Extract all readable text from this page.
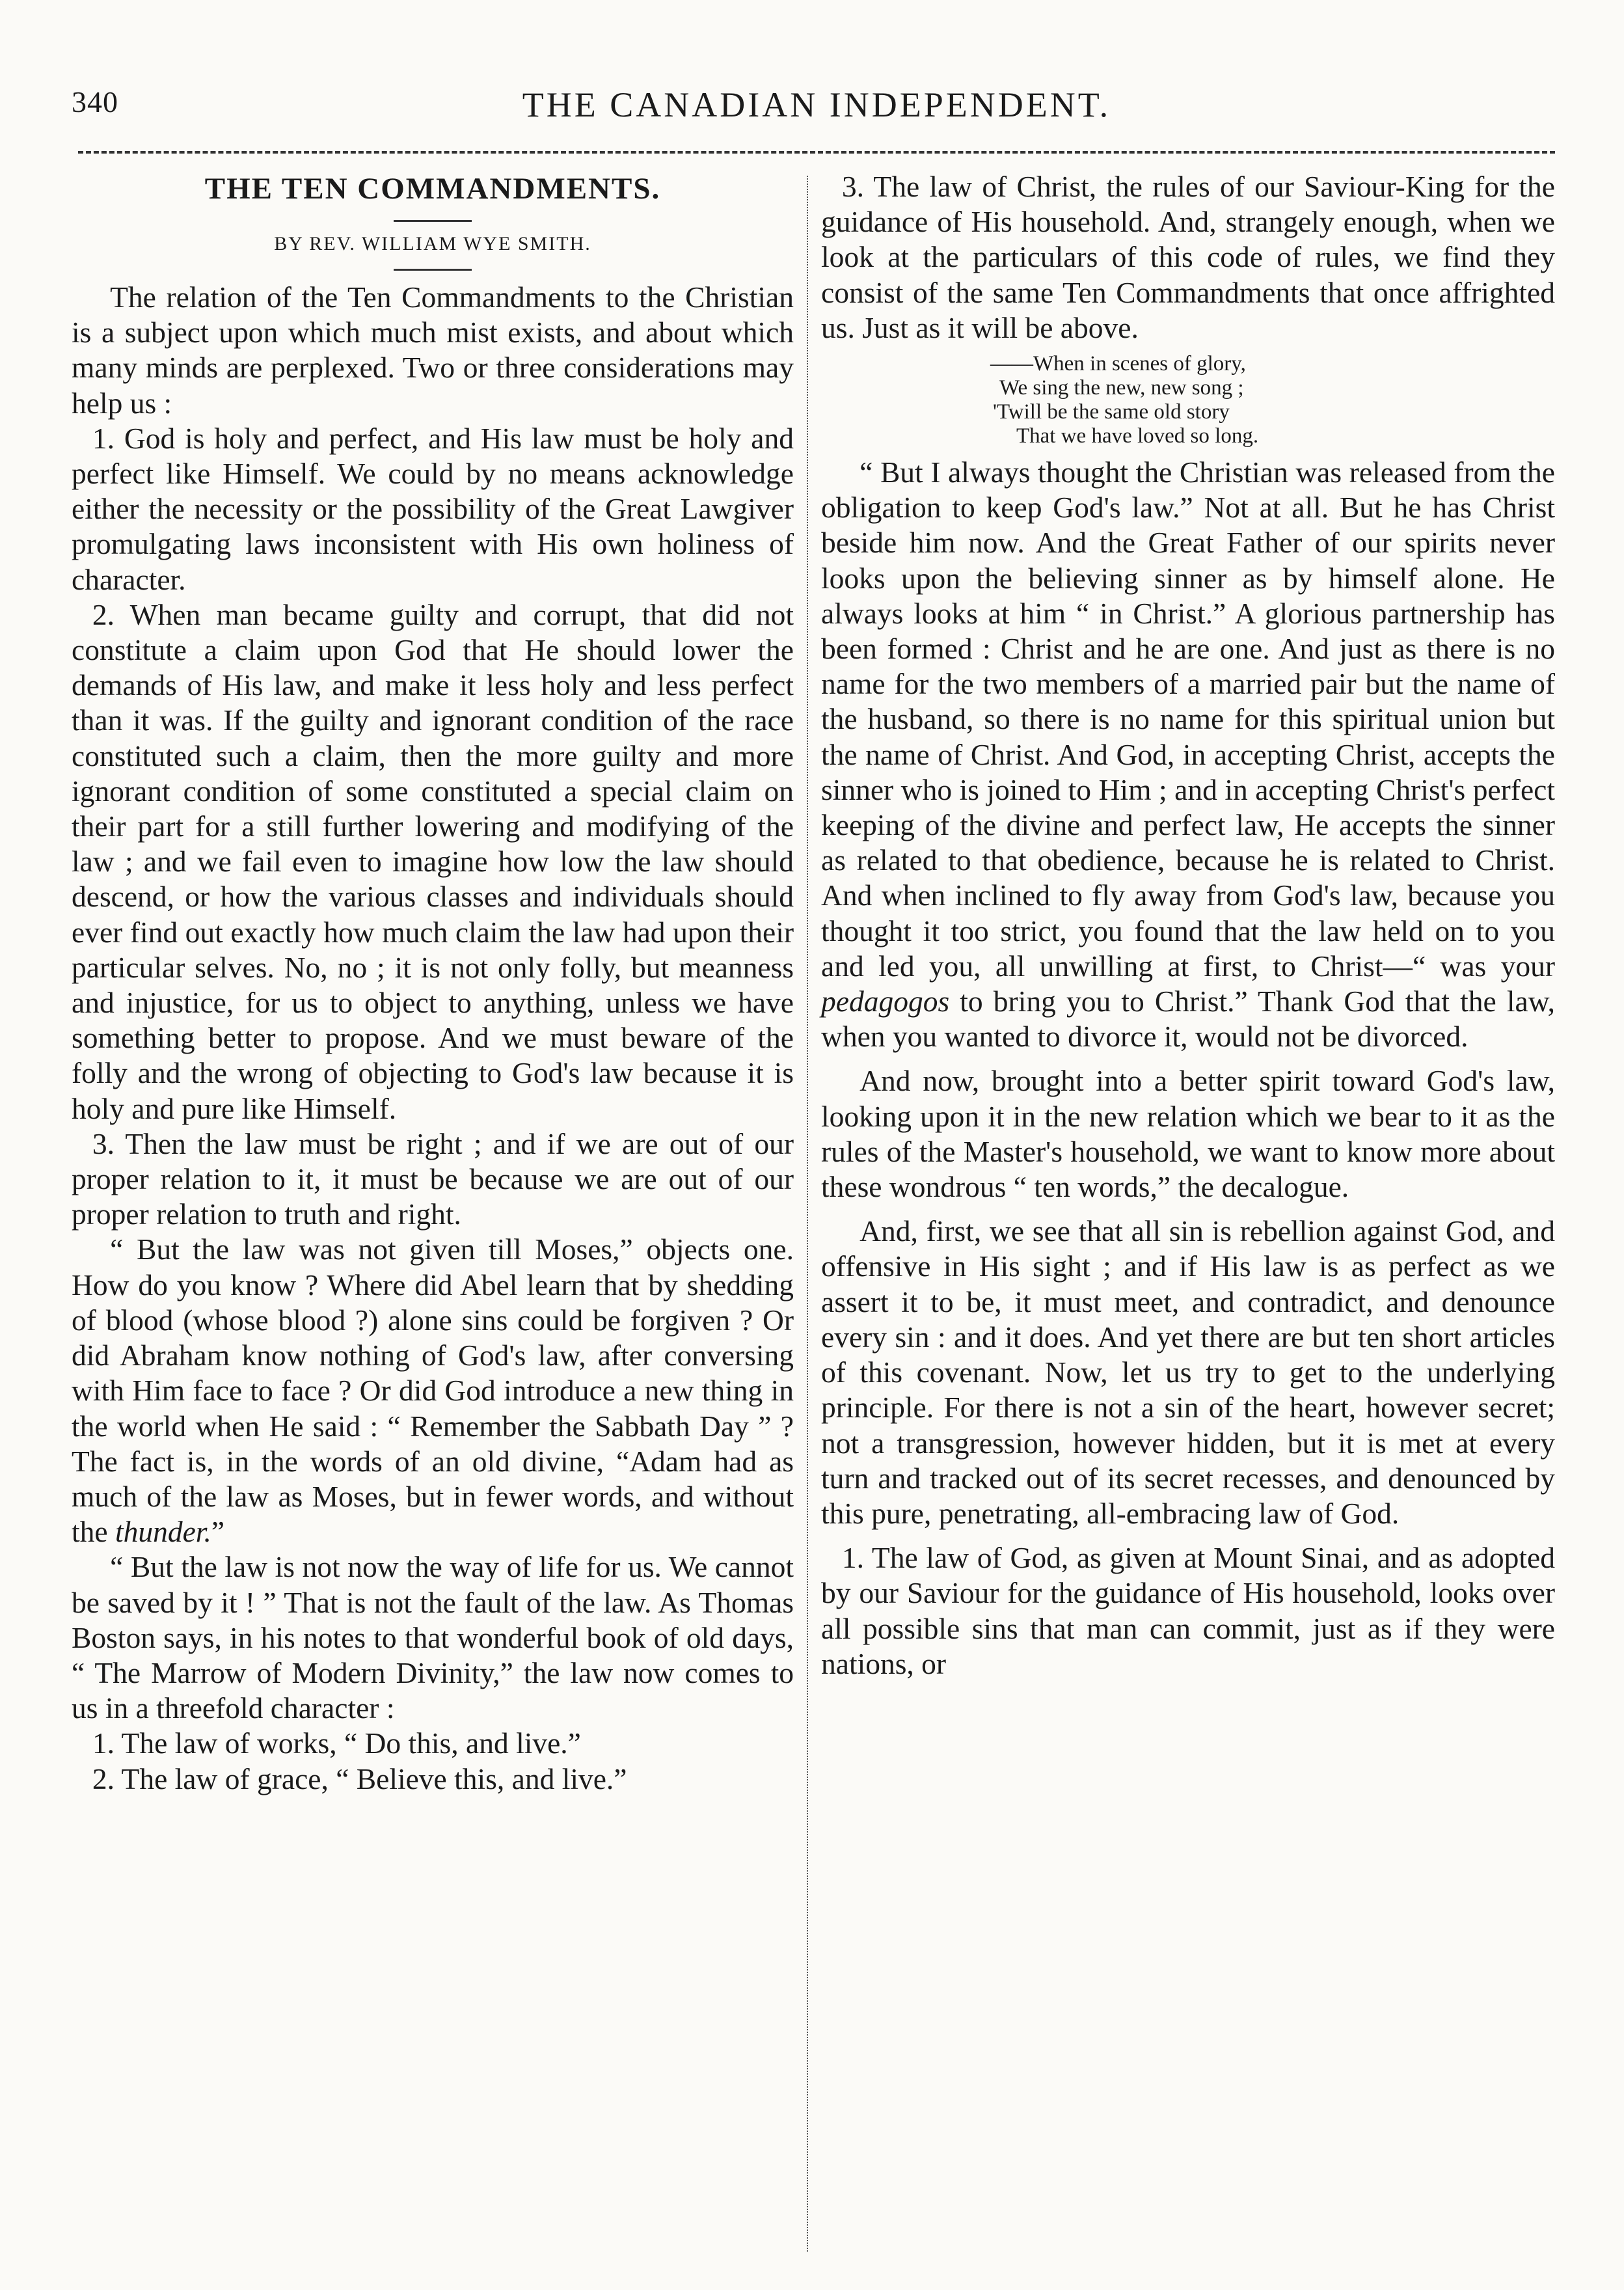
340	THE CANADIAN INDEPENDENT.
THE TEN COMMANDMENTS.
BY REV. WILLIAM WYE SMITH.

The relation of the Ten Commandments to the Christian is a subject upon which much mist exists, and about which many minds are perplexed. Two or three considerations may help us :

1. God is holy and perfect, and His law must be holy and perfect like Himself. We could by no means acknowledge either the necessity or the possibility of the Great Lawgiver promulgating laws inconsistent with His own holiness of character.

2. When man became guilty and corrupt, that did not constitute a claim upon God that He should lower the demands of His law, and make it less holy and less perfect than it was. If the guilty and ignorant condition of the race constituted such a claim, then the more guilty and more ignorant condition of some constituted a special claim on their part for a still further lowering and modifying of the law ; and we fail even to imagine how low the law should descend, or how the various classes and individuals should ever find out exactly how much claim the law had upon their particular selves. No, no ; it is not only folly, but meanness and injustice, for us to object to anything, unless we have something better to propose. And we must beware of the folly and the wrong of objecting to God's law because it is holy and pure like Himself.

3. Then the law must be right ; and if we are out of our proper relation to it, it must be because we are out of our proper relation to truth and right.

“ But the law was not given till Moses,” objects one. How do you know ? Where did Abel learn that by shedding of blood (whose blood ?) alone sins could be forgiven ? Or did Abraham know nothing of God's law, after conversing with Him face to face ? Or did God introduce a new thing in the world when He said : “ Remember the Sabbath Day ” ? The fact is, in the words of an old divine, “Adam had as much of the law as Moses, but in fewer words, and without the thunder.”

“ But the law is not now the way of life for us. We cannot be saved by it ! ” That is not the fault of the law. As Thomas Boston says, in his notes to that wonderful book of old days, “ The Marrow of Modern Divinity,” the law now comes to us in a threefold character :

1. The law of works, “ Do this, and live.”

2. The law of grace, “ Believe this, and live.”

3. The law of Christ, the rules of our Saviour-King for the guidance of His household. And, strangely enough, when we look at the particulars of this code of rules, we find they consist of the same Ten Commandments that once affrighted us. Just as it will be above.

——When in scenes of glory,
We sing the new, new song ;
'Twill be the same old story
That we have loved so long.

“ But I always thought the Christian was released from the obligation to keep God's law.” Not at all. But he has Christ beside him now. And the Great Father of our spirits never looks upon the believing sinner as by himself alone. He always looks at him “ in Christ.” A glorious partnership has been formed : Christ and he are one. And just as there is no name for the two members of a married pair but the name of the husband, so there is no name for this spiritual union but the name of Christ. And God, in accepting Christ, accepts the sinner who is joined to Him ; and in accepting Christ's perfect keeping of the divine and perfect law, He accepts the sinner as related to that obedience, because he is related to Christ. And when inclined to fly away from God's law, because you thought it too strict, you found that the law held on to you and led you, all unwilling at first, to Christ—“ was your pedagogos to bring you to Christ.” Thank God that the law, when you wanted to divorce it, would not be divorced.

And now, brought into a better spirit toward God's law, looking upon it in the new relation which we bear to it as the rules of the Master's household, we want to know more about these wondrous “ ten words,” the decalogue.

And, first, we see that all sin is rebellion against God, and offensive in His sight ; and if His law is as perfect as we assert it to be, it must meet, and contradict, and denounce every sin : and it does. And yet there are but ten short articles of this covenant. Now, let us try to get to the underlying principle. For there is not a sin of the heart, however secret; not a transgression, however hidden, but it is met at every turn and tracked out of its secret recesses, and denounced by this pure, penetrating, all-embracing law of God.

1. The law of God, as given at Mount Sinai, and as adopted by our Saviour for the guidance of His household, looks over all possible sins that man can commit, just as if they were nations, or
